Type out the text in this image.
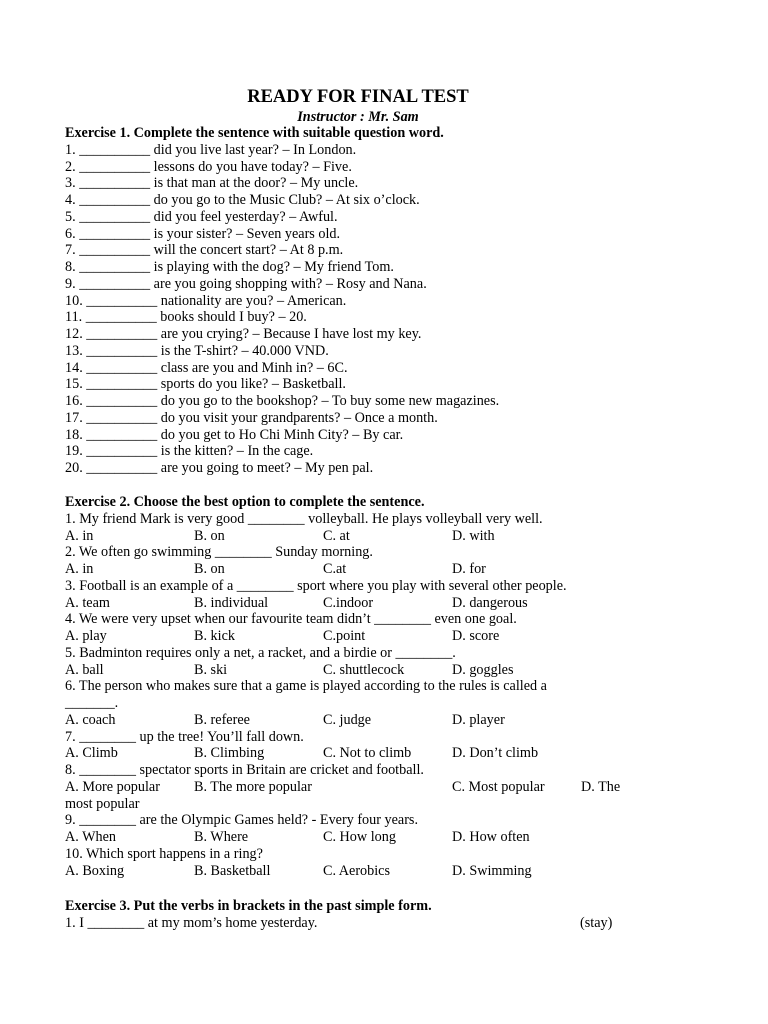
READY FOR FINAL TEST
Instructor : Mr. Sam
Exercise 1. Complete the sentence with suitable question word.
1. __________ did you live last year? – In London.
2. __________ lessons do you have today? – Five.
3. __________ is that man at the door? – My uncle.
4. __________ do you go to the Music Club? – At six o’clock.
5. __________ did you feel yesterday? – Awful.
6. __________ is your sister? – Seven years old.
7. __________ will the concert start? – At 8 p.m.
8. __________ is playing with the dog? – My friend Tom.
9. __________ are you going shopping with? – Rosy and Nana.
10. __________ nationality are you? – American.
11. __________ books should I buy? – 20.
12. __________ are you crying? – Because I have lost my key.
13. __________ is the T-shirt? – 40.000 VND.
14. __________ class are you and Minh in? – 6C.
15. __________ sports do you like? – Basketball.
16. __________ do you go to the bookshop? – To buy some new magazines.
17. __________ do you visit your grandparents? – Once a month.
18. __________ do you get to Ho Chi Minh City? – By car.
19. __________ is the kitten? – In the cage.
20. __________ are you going to meet? – My pen pal.
Exercise 2. Choose the best option to complete the sentence.
1. My friend Mark is very good ________ volleyball. He plays volleyball very well.
A. in	B. on	C. at	D. with
2. We often go swimming ________ Sunday morning.
A. in	B. on	C.at	D. for
3. Football is an example of a ________ sport where you play with several other people.
A. team	B. individual	C.indoor	D. dangerous
4. We were very upset when our favourite team didn’t ________ even one goal.
A. play	B. kick	C.point	D. score
5. Badminton requires only a net, a racket, and a birdie or ________.
A. ball	B. ski	C. shuttlecock	D. goggles
6. The person who makes sure that a game is played according to the rules is called a
_______.
A. coach	B. referee	C. judge	D. player
7. ________ up the tree! You’ll fall down.
A. Climb	B. Climbing	C. Not to climb	D. Don’t climb
8. ________ spectator sports in Britain are cricket and football.
A. More popular B. The more popular	C. Most popular	D. The
most popular
9. ________ are the Olympic Games held? - Every four years.
A. When	B. Where	C. How long	D. How often
10. Which sport happens in a ring?
A. Boxing	B. Basketball	C. Aerobics	D. Swimming
Exercise 3. Put the verbs in brackets in the past simple form.
1. I ________ at my mom’s home yesterday.	(stay)
